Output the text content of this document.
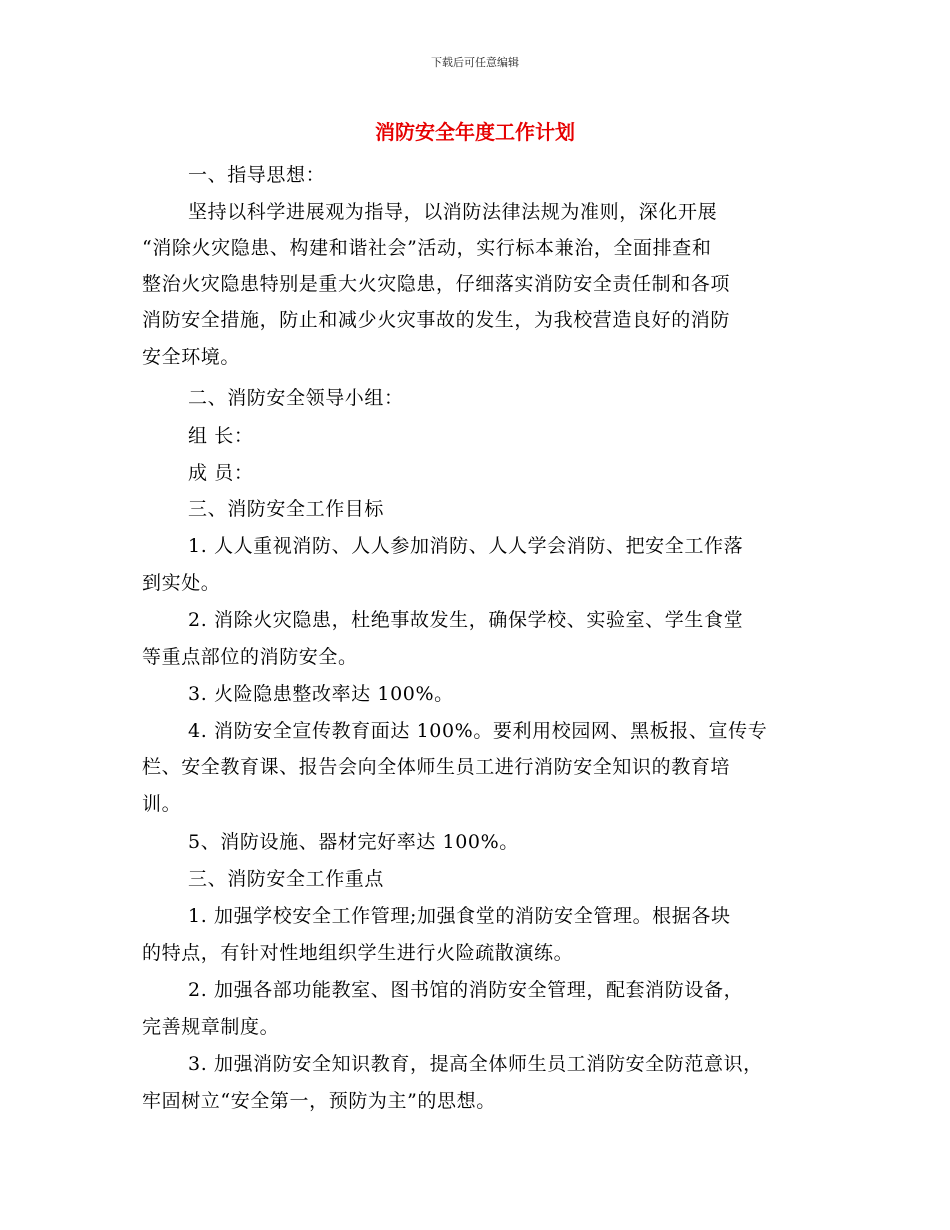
下载后可任意编辑
消防安全年度工作计划
一、指导思想：
坚持以科学进展观为指导，以消防法律法规为准则，深化开展
“消除火灾隐患、构建和谐社会”活动，实行标本兼治，全面排查和
整治火灾隐患特别是重大火灾隐患，仔细落实消防安全责任制和各项
消防安全措施，防止和减少火灾事故的发生，为我校营造良好的消防
安全环境。
二、消防安全领导小组：
组 长：
成 员：
三、消防安全工作目标
1. 人人重视消防、人人参加消防、人人学会消防、把安全工作落
到实处。
2. 消除火灾隐患，杜绝事故发生，确保学校、实验室、学生食堂
等重点部位的消防安全。
3. 火险隐患整改率达 100%。
4. 消防安全宣传教育面达 100%。要利用校园网、黑板报、宣传专
栏、安全教育课、报告会向全体师生员工进行消防安全知识的教育培
训。
5、消防设施、器材完好率达 100%。
三、消防安全工作重点
1. 加强学校安全工作管理;加强食堂的消防安全管理。根据各块
的特点，有针对性地组织学生进行火险疏散演练。
2. 加强各部功能教室、图书馆的消防安全管理，配套消防设备，
完善规章制度。
3. 加强消防安全知识教育，提高全体师生员工消防安全防范意识，
牢固树立“安全第一，预防为主”的思想。
